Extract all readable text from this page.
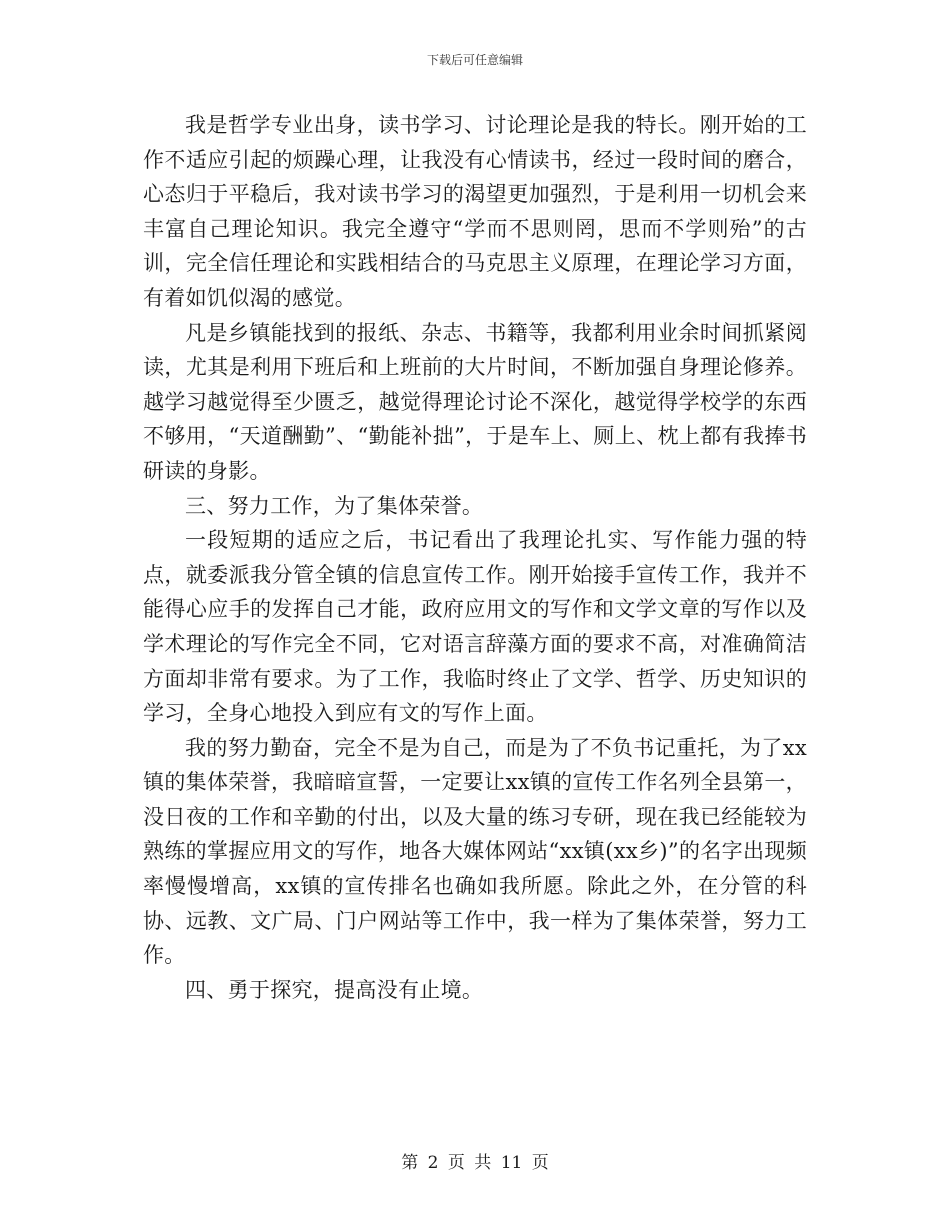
下载后可任意编辑

我是哲学专业出身，读书学习、讨论理论是我的特长。刚开始的工作不适应引起的烦躁心理，让我没有心情读书，经过一段时间的磨合，心态归于平稳后，我对读书学习的渴望更加强烈，于是利用一切机会来丰富自己理论知识。我完全遵守“学而不思则罔，思而不学则殆”的古训，完全信任理论和实践相结合的马克思主义原理，在理论学习方面，有着如饥似渴的感觉。

凡是乡镇能找到的报纸、杂志、书籍等，我都利用业余时间抓紧阅读，尤其是利用下班后和上班前的大片时间，不断加强自身理论修养。越学习越觉得至少匮乏，越觉得理论讨论不深化，越觉得学校学的东西不够用，“天道酬勤”、“勤能补拙”，于是车上、厕上、枕上都有我捧书研读的身影。

三、努力工作，为了集体荣誉。

一段短期的适应之后，书记看出了我理论扎实、写作能力强的特点，就委派我分管全镇的信息宣传工作。刚开始接手宣传工作，我并不能得心应手的发挥自己才能，政府应用文的写作和文学文章的写作以及学术理论的写作完全不同，它对语言辞藻方面的要求不高，对准确简洁方面却非常有要求。为了工作，我临时终止了文学、哲学、历史知识的学习，全身心地投入到应有文的写作上面。

我的努力勤奋，完全不是为自己，而是为了不负书记重托，为了xx镇的集体荣誉，我暗暗宣誓，一定要让xx镇的宣传工作名列全县第一，没日夜的工作和辛勤的付出，以及大量的练习专研，现在我已经能较为熟练的掌握应用文的写作，地各大媒体网站“xx镇(xx乡)”的名字出现频率慢慢增高，xx镇的宣传排名也确如我所愿。除此之外，在分管的科协、远教、文广局、门户网站等工作中，我一样为了集体荣誉，努力工作。

四、勇于探究，提高没有止境。

第 2 页 共 11 页
